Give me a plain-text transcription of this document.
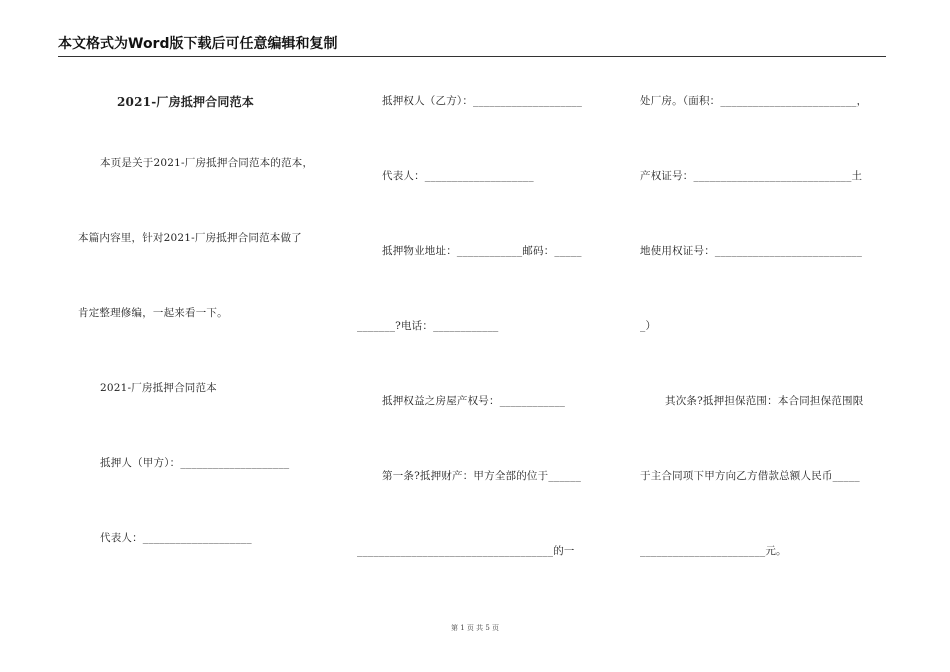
本文格式为Word版下载后可任意编辑和复制
2021-厂房抵押合同范本
本页是关于2021-厂房抵押合同范本的范本，
本篇内容里，针对2021-厂房抵押合同范本做了
肯定整理修编，一起来看一下。
2021-厂房抵押合同范本
抵押人（甲方）：____________________
代表人：____________________
抵押权人（乙方）：____________________
代表人：____________________
抵押物业地址：____________邮码：_____
_______?电话：____________
抵押权益之房屋产权号：____________
第一条?抵押财产：甲方全部的位于______
____________________________________的一
处厂房。（面积：_________________________，
产权证号：_____________________________土
地使用权证号：___________________________
_）
其次条?抵押担保范围：本合同担保范围限
于主合同项下甲方向乙方借款总额人民币_____
_______________________元。
第 1 页 共 5 页
